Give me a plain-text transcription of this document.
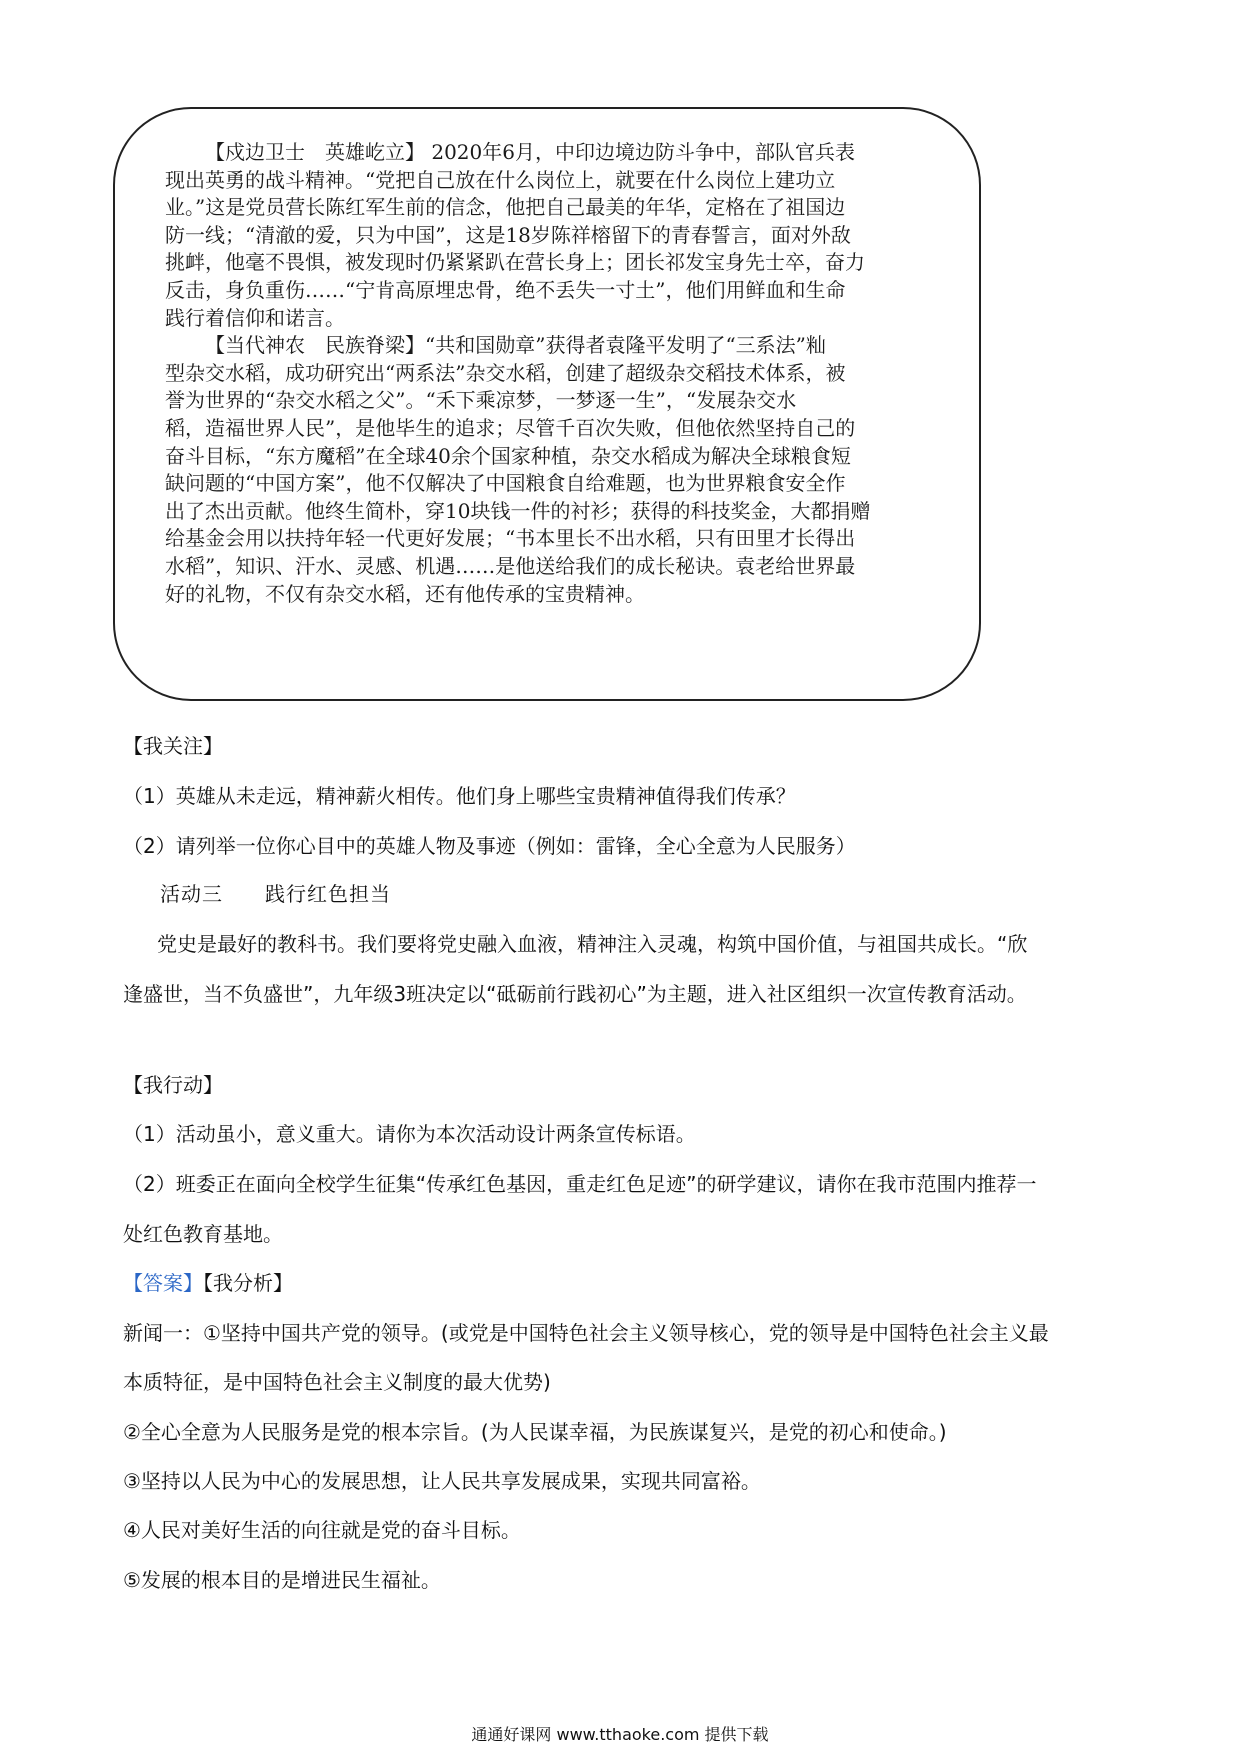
【戍边卫士　英雄屹立】 2020年6月，中印边境边防斗争中，部队官兵表
现出英勇的战斗精神。“党把自己放在什么岗位上，就要在什么岗位上建功立
业。”这是党员营长陈红军生前的信念，他把自己最美的年华，定格在了祖国边
防一线；“清澈的爱，只为中国”，这是18岁陈祥榕留下的青春誓言，面对外敌
挑衅，他毫不畏惧，被发现时仍紧紧趴在营长身上；团长祁发宝身先士卒，奋力
反击，身负重伤……“宁肯高原埋忠骨，绝不丢失一寸土”，他们用鲜血和生命
践行着信仰和诺言。
【当代神农　民族脊梁】“共和国勋章”获得者袁隆平发明了“三系法”籼
型杂交水稻，成功研究出“两系法”杂交水稻，创建了超级杂交稻技术体系，被
誉为世界的“杂交水稻之父”。“禾下乘凉梦，一梦逐一生”，“发展杂交水
稻，造福世界人民”，是他毕生的追求；尽管千百次失败，但他依然坚持自己的
奋斗目标，“东方魔稻”在全球40余个国家种植，杂交水稻成为解决全球粮食短
缺问题的“中国方案”，他不仅解决了中国粮食自给难题，也为世界粮食安全作
出了杰出贡献。他终生简朴，穿10块钱一件的衬衫；获得的科技奖金，大都捐赠
给基金会用以扶持年轻一代更好发展；“书本里长不出水稻，只有田里才长得出
水稻”，知识、汗水、灵感、机遇……是他送给我们的成长秘诀。袁老给世界最
好的礼物，不仅有杂交水稻，还有他传承的宝贵精神。
【我关注】
（1）英雄从未走远，精神薪火相传。他们身上哪些宝贵精神值得我们传承？
（2）请列举一位你心目中的英雄人物及事迹（例如：雷锋，全心全意为人民服务）
活动三　　践行红色担当
党史是最好的教科书。我们要将党史融入血液，精神注入灵魂，构筑中国价值，与祖国共成长。“欣
逢盛世，当不负盛世”，九年级3班决定以“砥砺前行践初心”为主题，进入社区组织一次宣传教育活动。
【我行动】
（1）活动虽小，意义重大。请你为本次活动设计两条宣传标语。
（2）班委正在面向全校学生征集“传承红色基因，重走红色足迹”的研学建议，请你在我市范围内推荐一
处红色教育基地。
【答案】【我分析】
新闻一：①坚持中国共产党的领导。(或党是中国特色社会主义领导核心，党的领导是中国特色社会主义最
本质特征，是中国特色社会主义制度的最大优势)
②全心全意为人民服务是党的根本宗旨。(为人民谋幸福，为民族谋复兴，是党的初心和使命。)
③坚持以人民为中心的发展思想，让人民共享发展成果，实现共同富裕。
④人民对美好生活的向往就是党的奋斗目标。
⑤发展的根本目的是增进民生福祉。
通通好课网 www.tthaoke.com 提供下载
